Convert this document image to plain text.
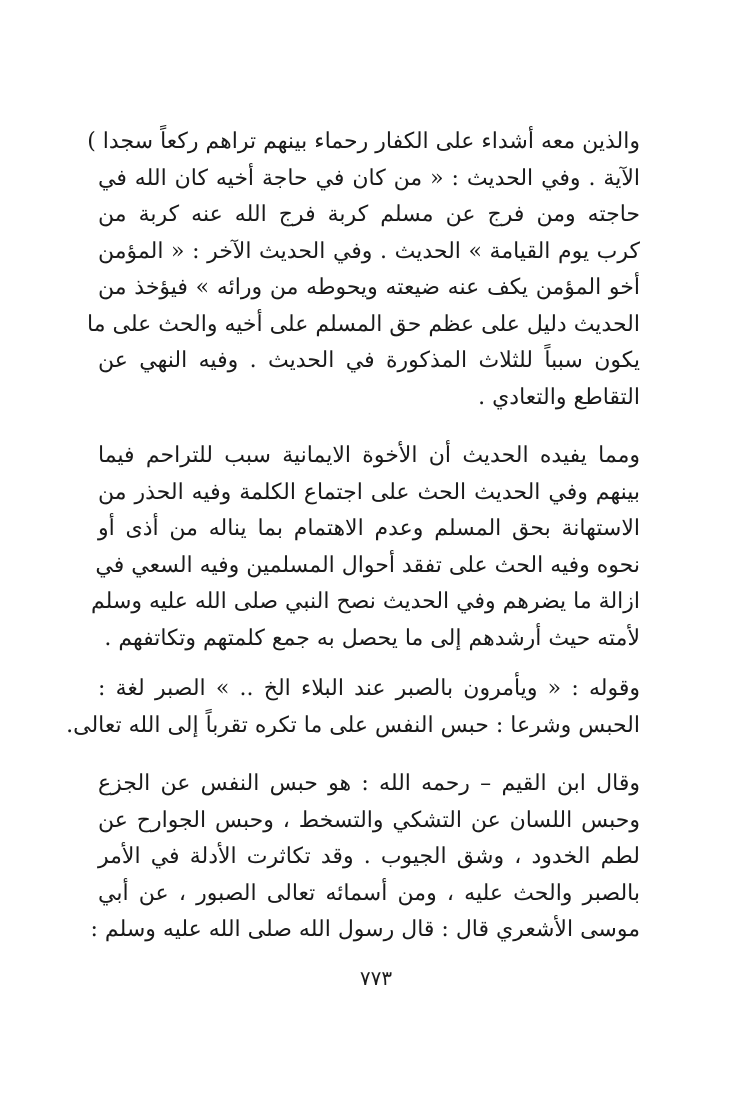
والذين معه أشداء على الكفار رحماء بينهم تراهم ركعاً سجدا )
الآية . وفي الحديث : « من كان في حاجة أخيه كان الله في
حاجته ومن فرج عن مسلم كربة فرج الله عنه كربة من
كرب يوم القيامة » الحديث . وفي الحديث الآخر : « المؤمن
أخو المؤمن يكف عنه ضيعته ويحوطه من ورائه » فيؤخذ من
الحديث دليل على عظم حق المسلم على أخيه والحث على ما
يكون سبباً للثلاث المذكورة في الحديث . وفيه النهي عن
التقاطع والتعادي .
ومما يفيده الحديث أن الأخوة الايمانية سبب للتراحم فيما
بينهم وفي الحديث الحث على اجتماع الكلمة وفيه الحذر من
الاستهانة بحق المسلم وعدم الاهتمام بما يناله من أذى أو
نحوه وفيه الحث على تفقد أحوال المسلمين وفيه السعي في
ازالة ما يضرهم وفي الحديث نصح النبي صلى الله عليه وسلم
لأمته حيث أرشدهم إلى ما يحصل به جمع كلمتهم وتكاتفهم .
وقوله : « ويأمرون بالصبر عند البلاء الخ .. » الصبر لغة :
الحبس وشرعا : حبس النفس على ما تكره تقرباً إلى الله تعالى.
وقال ابن القيم – رحمه الله : هو حبس النفس عن الجزع
وحبس اللسان عن التشكي والتسخط ، وحبس الجوارح عن
لطم الخدود ، وشق الجيوب . وقد تكاثرت الأدلة في الأمر
بالصبر والحث عليه ، ومن أسمائه تعالى الصبور ، عن أبي
موسى الأشعري قال : قال رسول الله صلى الله عليه وسلم :
٧٧٣
